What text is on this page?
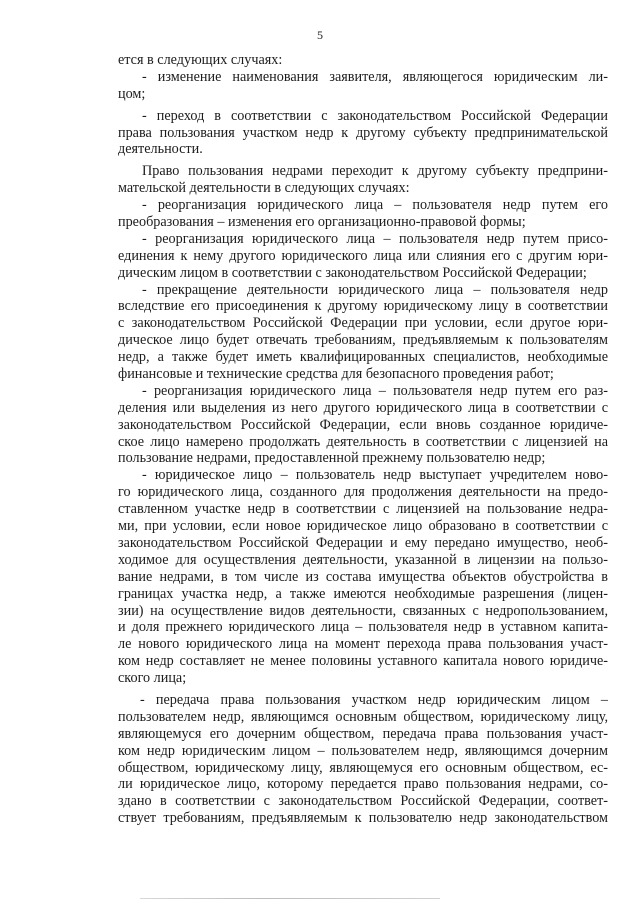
5
ется в следующих случаях:
- изменение наименования заявителя, являющегося юридическим ли-
цом;
- переход в соответствии с законодательством Российской Федерации
права пользования участком недр к другому субъекту предпринимательской
деятельности.
Право пользования недрами переходит к другому субъекту предприни-
мательской деятельности в следующих случаях:
- реорганизация юридического лица – пользователя недр путем его
преобразования – изменения его организационно-правовой формы;
- реорганизация юридического лица – пользователя недр путем присо-
единения к нему другого юридического лица или слияния его с другим юри-
дическим лицом в соответствии с законодательством Российской Федерации;
- прекращение деятельности юридического лица – пользователя недр
вследствие его присоединения к другому юридическому лицу в соответствии
с законодательством Российской Федерации при условии, если другое юри-
дическое лицо будет отвечать требованиям, предъявляемым к пользователям
недр, а также будет иметь квалифицированных специалистов, необходимые
финансовые и технические средства для безопасного проведения работ;
- реорганизация юридического лица – пользователя недр путем его раз-
деления или выделения из него другого юридического лица в соответствии с
законодательством Российской Федерации, если вновь созданное юридиче-
ское лицо намерено продолжать деятельность в соответствии с лицензией на
пользование недрами, предоставленной прежнему пользователю недр;
- юридическое лицо – пользователь недр выступает учредителем ново-
го юридического лица, созданного для продолжения деятельности на предо-
ставленном участке недр в соответствии с лицензией на пользование недра-
ми, при условии, если новое юридическое лицо образовано в соответствии с
законодательством Российской Федерации и ему передано имущество, необ-
ходимое для осуществления деятельности, указанной в лицензии на пользо-
вание недрами, в том числе из состава имущества объектов обустройства в
границах участка недр, а также имеются необходимые разрешения (лицен-
зии) на осуществление видов деятельности, связанных с недропользованием,
и доля прежнего юридического лица – пользователя недр в уставном капита-
ле нового юридического лица на момент перехода права пользования участ-
ком недр составляет не менее половины уставного капитала нового юридиче-
ского лица;
- передача права пользования участком недр юридическим лицом –
пользователем недр, являющимся основным обществом, юридическому лицу,
являющемуся его дочерним обществом, передача права пользования участ-
ком недр юридическим лицом – пользователем недр, являющимся дочерним
обществом, юридическому лицу, являющемуся его основным обществом, ес-
ли юридическое лицо, которому передается право пользования недрами, со-
здано в соответствии с законодательством Российской Федерации, соответ-
ствует требованиям, предъявляемым к пользователю недр законодательством
